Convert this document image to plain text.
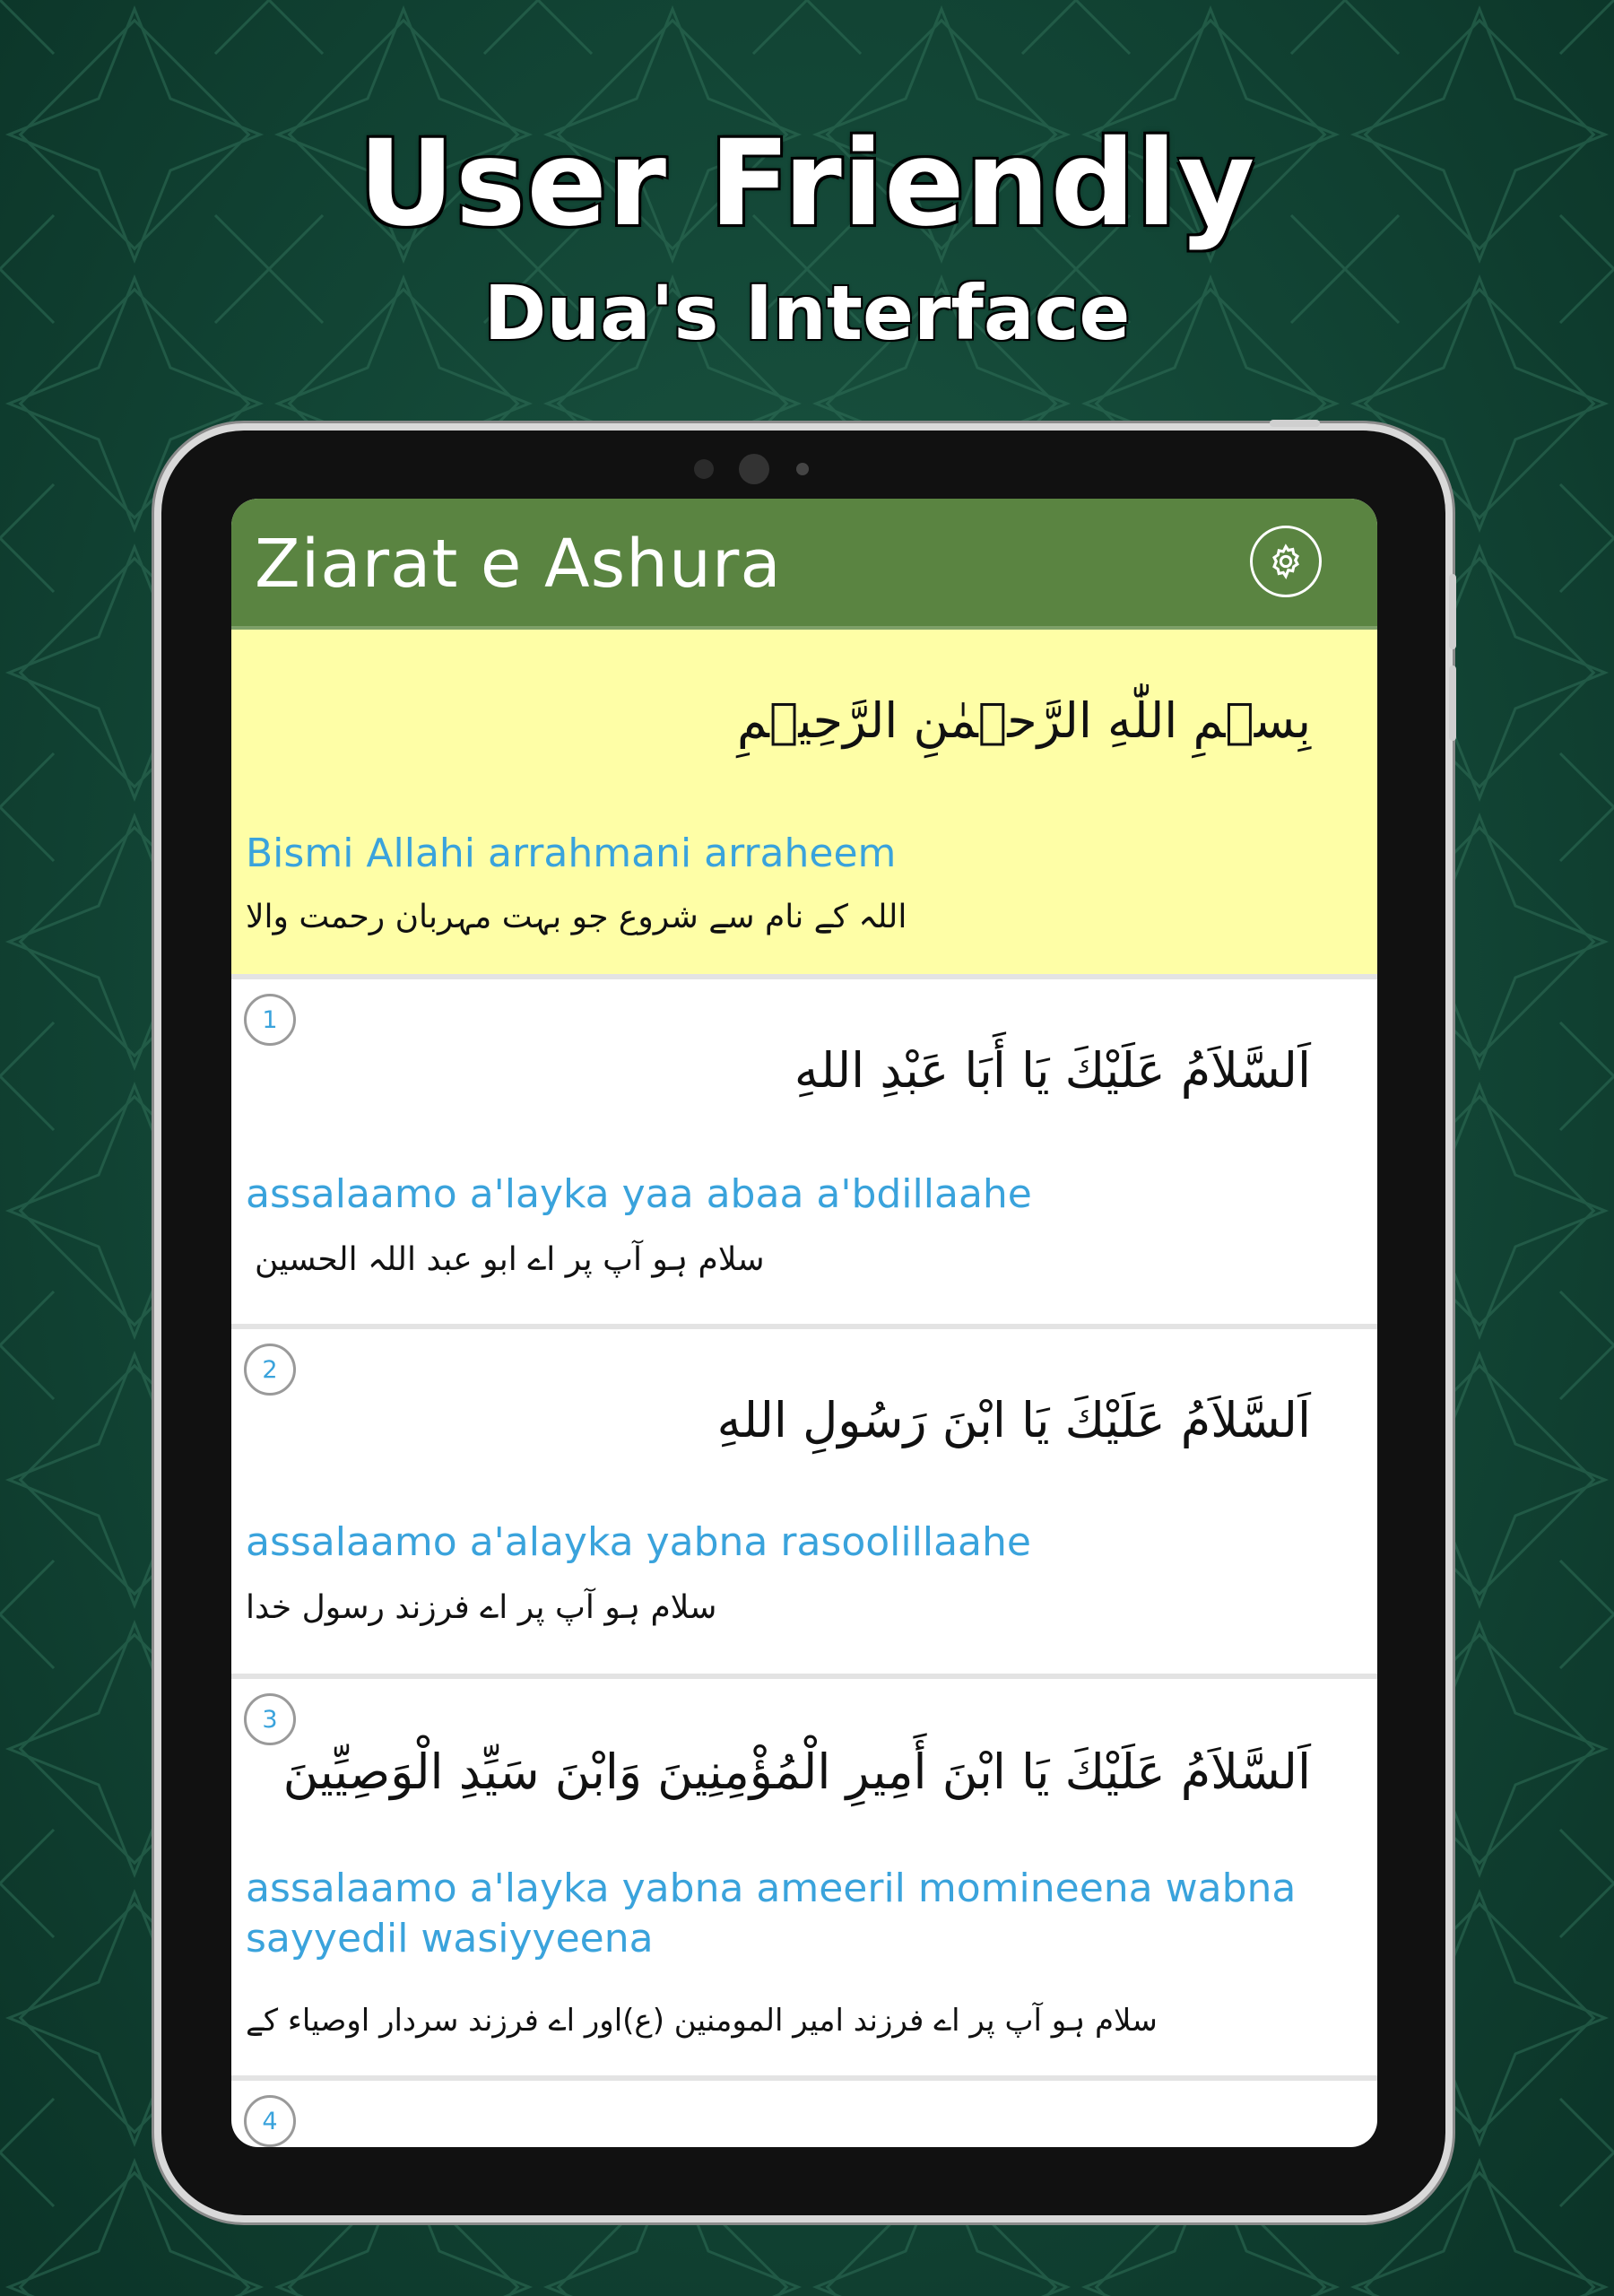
User Friendly
Dua's Interface
Ziarat e Ashura
بِسۡمِ اللّٰهِ الرَّحۡمٰنِ الرَّحِیۡمِ
Bismi Allahi arrahmani arraheem
اللہ کے نام سے شروع جو بہت مہربان رحمت والا
1
اَلسَّلاَمُ عَلَيْكَ يَا أَبَا عَبْدِ اللهِ
assalaamo a'layka yaa abaa a'bdillaahe
سلام ہو آپ پر اے ابو عبد اللہ الحسین
2
اَلسَّلاَمُ عَلَيْكَ يَا ابْنَ رَسُولِ اللهِ
assalaamo a'alayka yabna rasoolillaahe
سلام ہو آپ پر اے فرزند رسول خدا
3
اَلسَّلاَمُ عَلَيْكَ يَا ابْنَ أَمِيرِ الْمُؤْمِنِينَ وَابْنَ سَيِّدِ الْوَصِيِّينَ
assalaamo a'layka yabna ameeril momineena wabna sayyedil wasiyyeena
سلام ہو آپ پر اے فرزند امیر المومنین (ع)اور اے فرزند سردار اوصیاء کے
4
